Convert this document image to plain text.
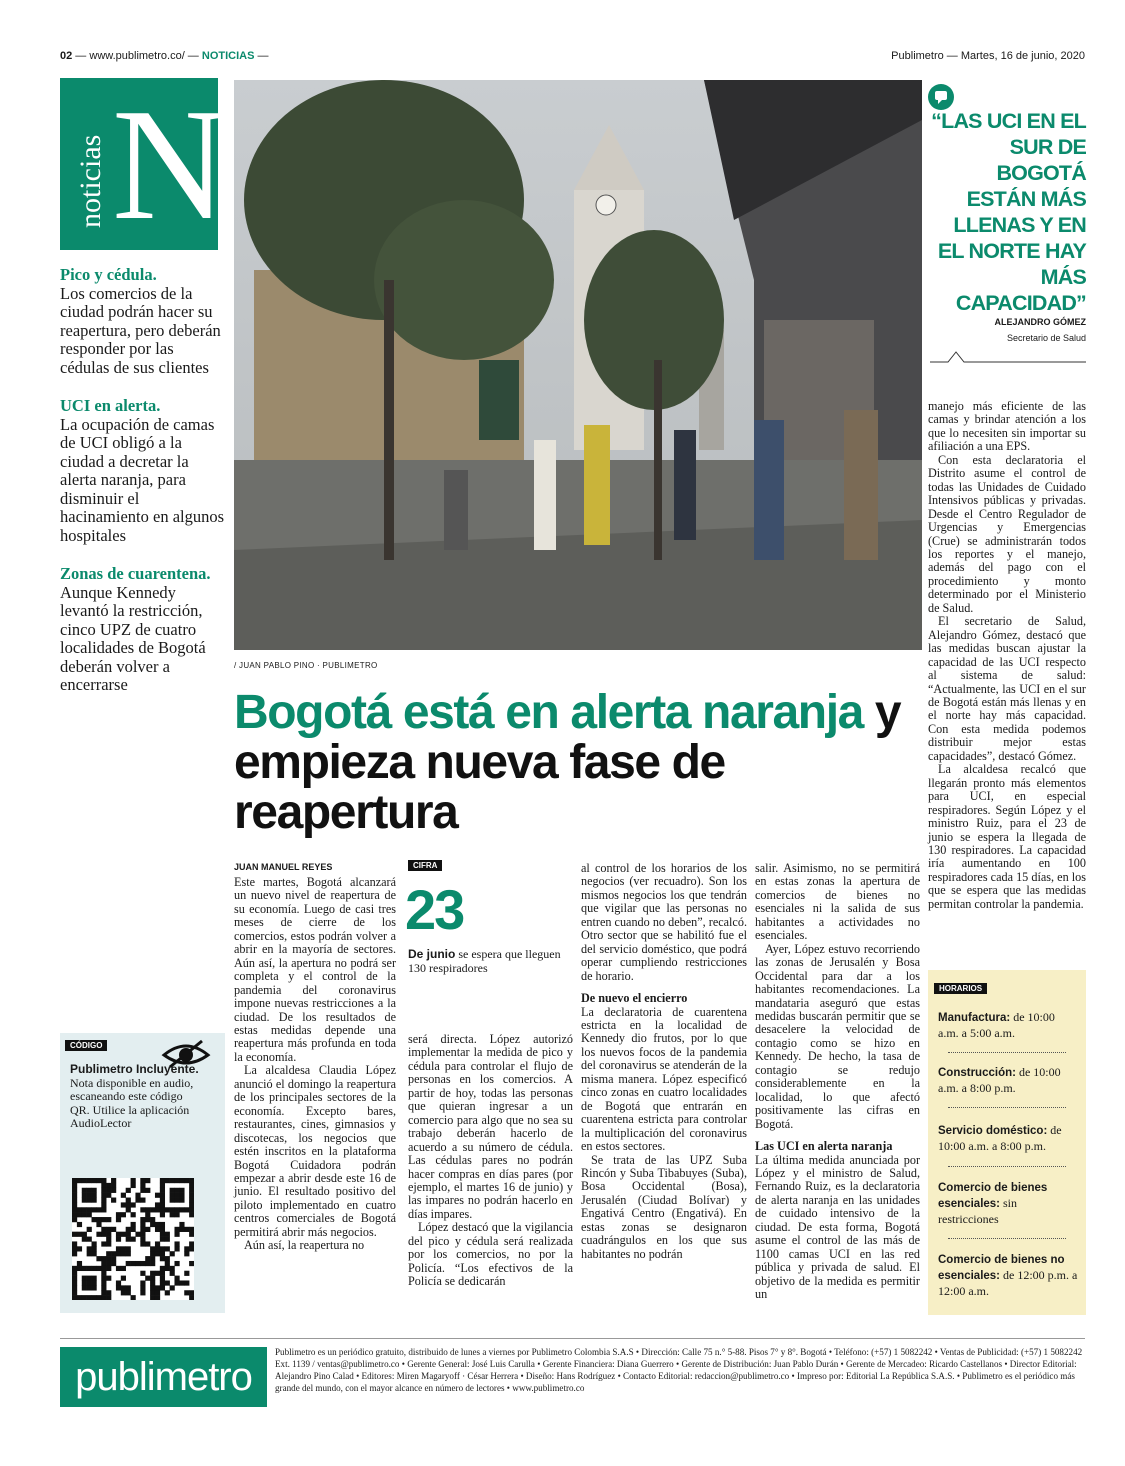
02 — www.publimetro.co/ — NOTICIAS —	Publimetro — Martes, 16 de junio, 2020
noticias N
Pico y cédula.
Los comercios de la ciudad podrán hacer su reapertura, pero deberán responder por las cédulas de sus clientes
UCI en alerta.
La ocupación de camas de UCI obligó a la ciudad a decretar la alerta naranja, para disminuir el hacinamiento en algunos hospitales
Zonas de cuarentena.
Aunque Kennedy levantó la restricción, cinco UPZ de cuatro localidades de Bogotá deberán volver a encerrarse
/ JUAN PABLO PINO · PUBLIMETRO
“LAS UCI EN EL SUR DE BOGOTÁ ESTÁN MÁS LLENAS Y EN EL NORTE HAY MÁS CAPACIDAD”
ALEJANDRO GÓMEZ
Secretario de Salud
Bogotá está en alerta naranja y empieza nueva fase de reapertura
JUAN MANUEL REYES

Este martes, Bogotá alcanzará un nuevo nivel de reapertura de su economía. Luego de casi tres meses de cierre de los comercios, estos podrán volver a abrir en la mayoría de sectores. Aún así, la apertura no podrá ser completa y el control de la pandemia del coronavirus impone nuevas restricciones a la ciudad. De los resultados de estas medidas depende una reapertura más profunda en toda la economía.

La alcaldesa Claudia López anunció el domingo la reapertura de los principales sectores de la economía. Excepto bares, restaurantes, cines, gimnasios y discotecas, los negocios que estén inscritos en la plataforma Bogotá Cuidadora podrán empezar a abrir desde este 16 de junio. El resultado positivo del piloto implementado en cuatro centros comerciales de Bogotá permitirá abrir más negocios.

Aún así, la reapertura no

será directa. López autorizó implementar la medida de pico y cédula para controlar el flujo de personas en los comercios. A partir de hoy, todas las personas que quieran ingresar a un comercio para algo que no sea su trabajo deberán hacerlo de acuerdo a su número de cédula. Las cédulas pares no podrán hacer compras en días pares (por ejemplo, el martes 16 de junio) y las impares no podrán hacerlo en días impares.

López destacó que la vigilancia del pico y cédula será realizada por los comercios, no por la Policía. “Los efectivos de la Policía se dedicarán

al control de los horarios de los negocios (ver recuadro). Son los mismos negocios los que tendrán que vigilar que las personas no entren cuando no deben”, recalcó. Otro sector que se habilitó fue el del servicio doméstico, que podrá operar cumpliendo restricciones de horario.

De nuevo el encierro

La declaratoria de cuarentena estricta en la localidad de Kennedy dio frutos, por lo que los nuevos focos de la pandemia del coronavirus se atenderán de la misma manera. López especificó cinco zonas en cuatro localidades de Bogotá que entrarán en cuarentena estricta para controlar la multiplicación del coronavirus en estos sectores.

Se trata de las UPZ Suba Rincón y Suba Tibabuyes (Suba), Bosa Occidental (Bosa), Jerusalén (Ciudad Bolívar) y Engativá Centro (Engativá). En estas zonas se designaron cuadrángulos en los que sus habitantes no podrán

salir. Asimismo, no se permitirá en estas zonas la apertura de comercios de bienes no esenciales ni la salida de sus habitantes a actividades no esenciales.

Ayer, López estuvo recorriendo las zonas de Jerusalén y Bosa Occidental para dar a los habitantes recomendaciones. La mandataria aseguró que estas medidas buscarán permitir que se desacelere la velocidad de contagio como se hizo en Kennedy. De hecho, la tasa de contagio se redujo considerablemente en la localidad, lo que afectó positivamente las cifras en Bogotá.

Las UCI en alerta naranja

La última medida anunciada por López y el ministro de Salud, Fernando Ruiz, es la declaratoria de alerta naranja en las unidades de cuidado intensivo de la ciudad. De esta forma, Bogotá asume el control de las más de 1100 camas UCI en las red pública y privada de salud. El objetivo de la medida es permitir un

manejo más eficiente de las camas y brindar atención a los que lo necesiten sin importar su afiliación a una EPS.

Con esta declaratoria el Distrito asume el control de todas las Unidades de Cuidado Intensivos públicas y privadas. Desde el Centro Regulador de Urgencias y Emergencias (Crue) se administrarán todos los reportes y el manejo, además del pago con el procedimiento y monto determinado por el Ministerio de Salud.

El secretario de Salud, Alejandro Gómez, destacó que las medidas buscan ajustar la capacidad de las UCI respecto al sistema de salud: “Actualmente, las UCI en el sur de Bogotá están más llenas y en el norte hay más capacidad. Con esta medida podemos distribuir mejor estas capacidades”, destacó Gómez.

La alcaldesa recalcó que llegarán pronto más elementos para UCI, en especial respiradores. Según López y el ministro Ruiz, para el 23 de junio se espera la llegada de 130 respiradores. La capacidad iría aumentando en 100 respiradores cada 15 días, en los que se espera que las medidas permitan controlar la pandemia.

CIFRA
23
De junio se espera que lleguen 130 respiradores
CÓDIGO
Publimetro Incluyente. Nota disponible en audio, escaneando este código QR. Utilice la aplicación AudioLector
HORARIOS
Manufactura: de 10:00 a.m. a 5:00 a.m.
Construcción: de 10:00 a.m. a 8:00 p.m.
Servicio doméstico: de 10:00 a.m. a 8:00 p.m.
Comercio de bienes esenciales: sin restricciones
Comercio de bienes no esenciales: de 12:00 p.m. a 12:00 a.m.
publimetro
Publimetro es un periódico gratuito, distribuido de lunes a viernes por Publimetro Colombia S.A.S • Dirección: Calle 75 n.° 5-88. Pisos 7° y 8°. Bogotá • Teléfono: (+57) 1 5082242 • Ventas de Publicidad: (+57) 1 5082242 Ext. 1139 / ventas@publimetro.co • Gerente General: José Luis Carulla • Gerente Financiera: Diana Guerrero • Gerente de Distribución: Juan Pablo Durán • Gerente de Mercadeo: Ricardo Castellanos • Director Editorial: Alejandro Pino Calad • Editores: Miren Magaryoff · César Herrera • Diseño: Hans Rodríguez • Contacto Editorial: redaccion@publimetro.co • Impreso por: Editorial La República S.A.S. • Publimetro es el periódico más grande del mundo, con el mayor alcance en número de lectores • www.publimetro.co
